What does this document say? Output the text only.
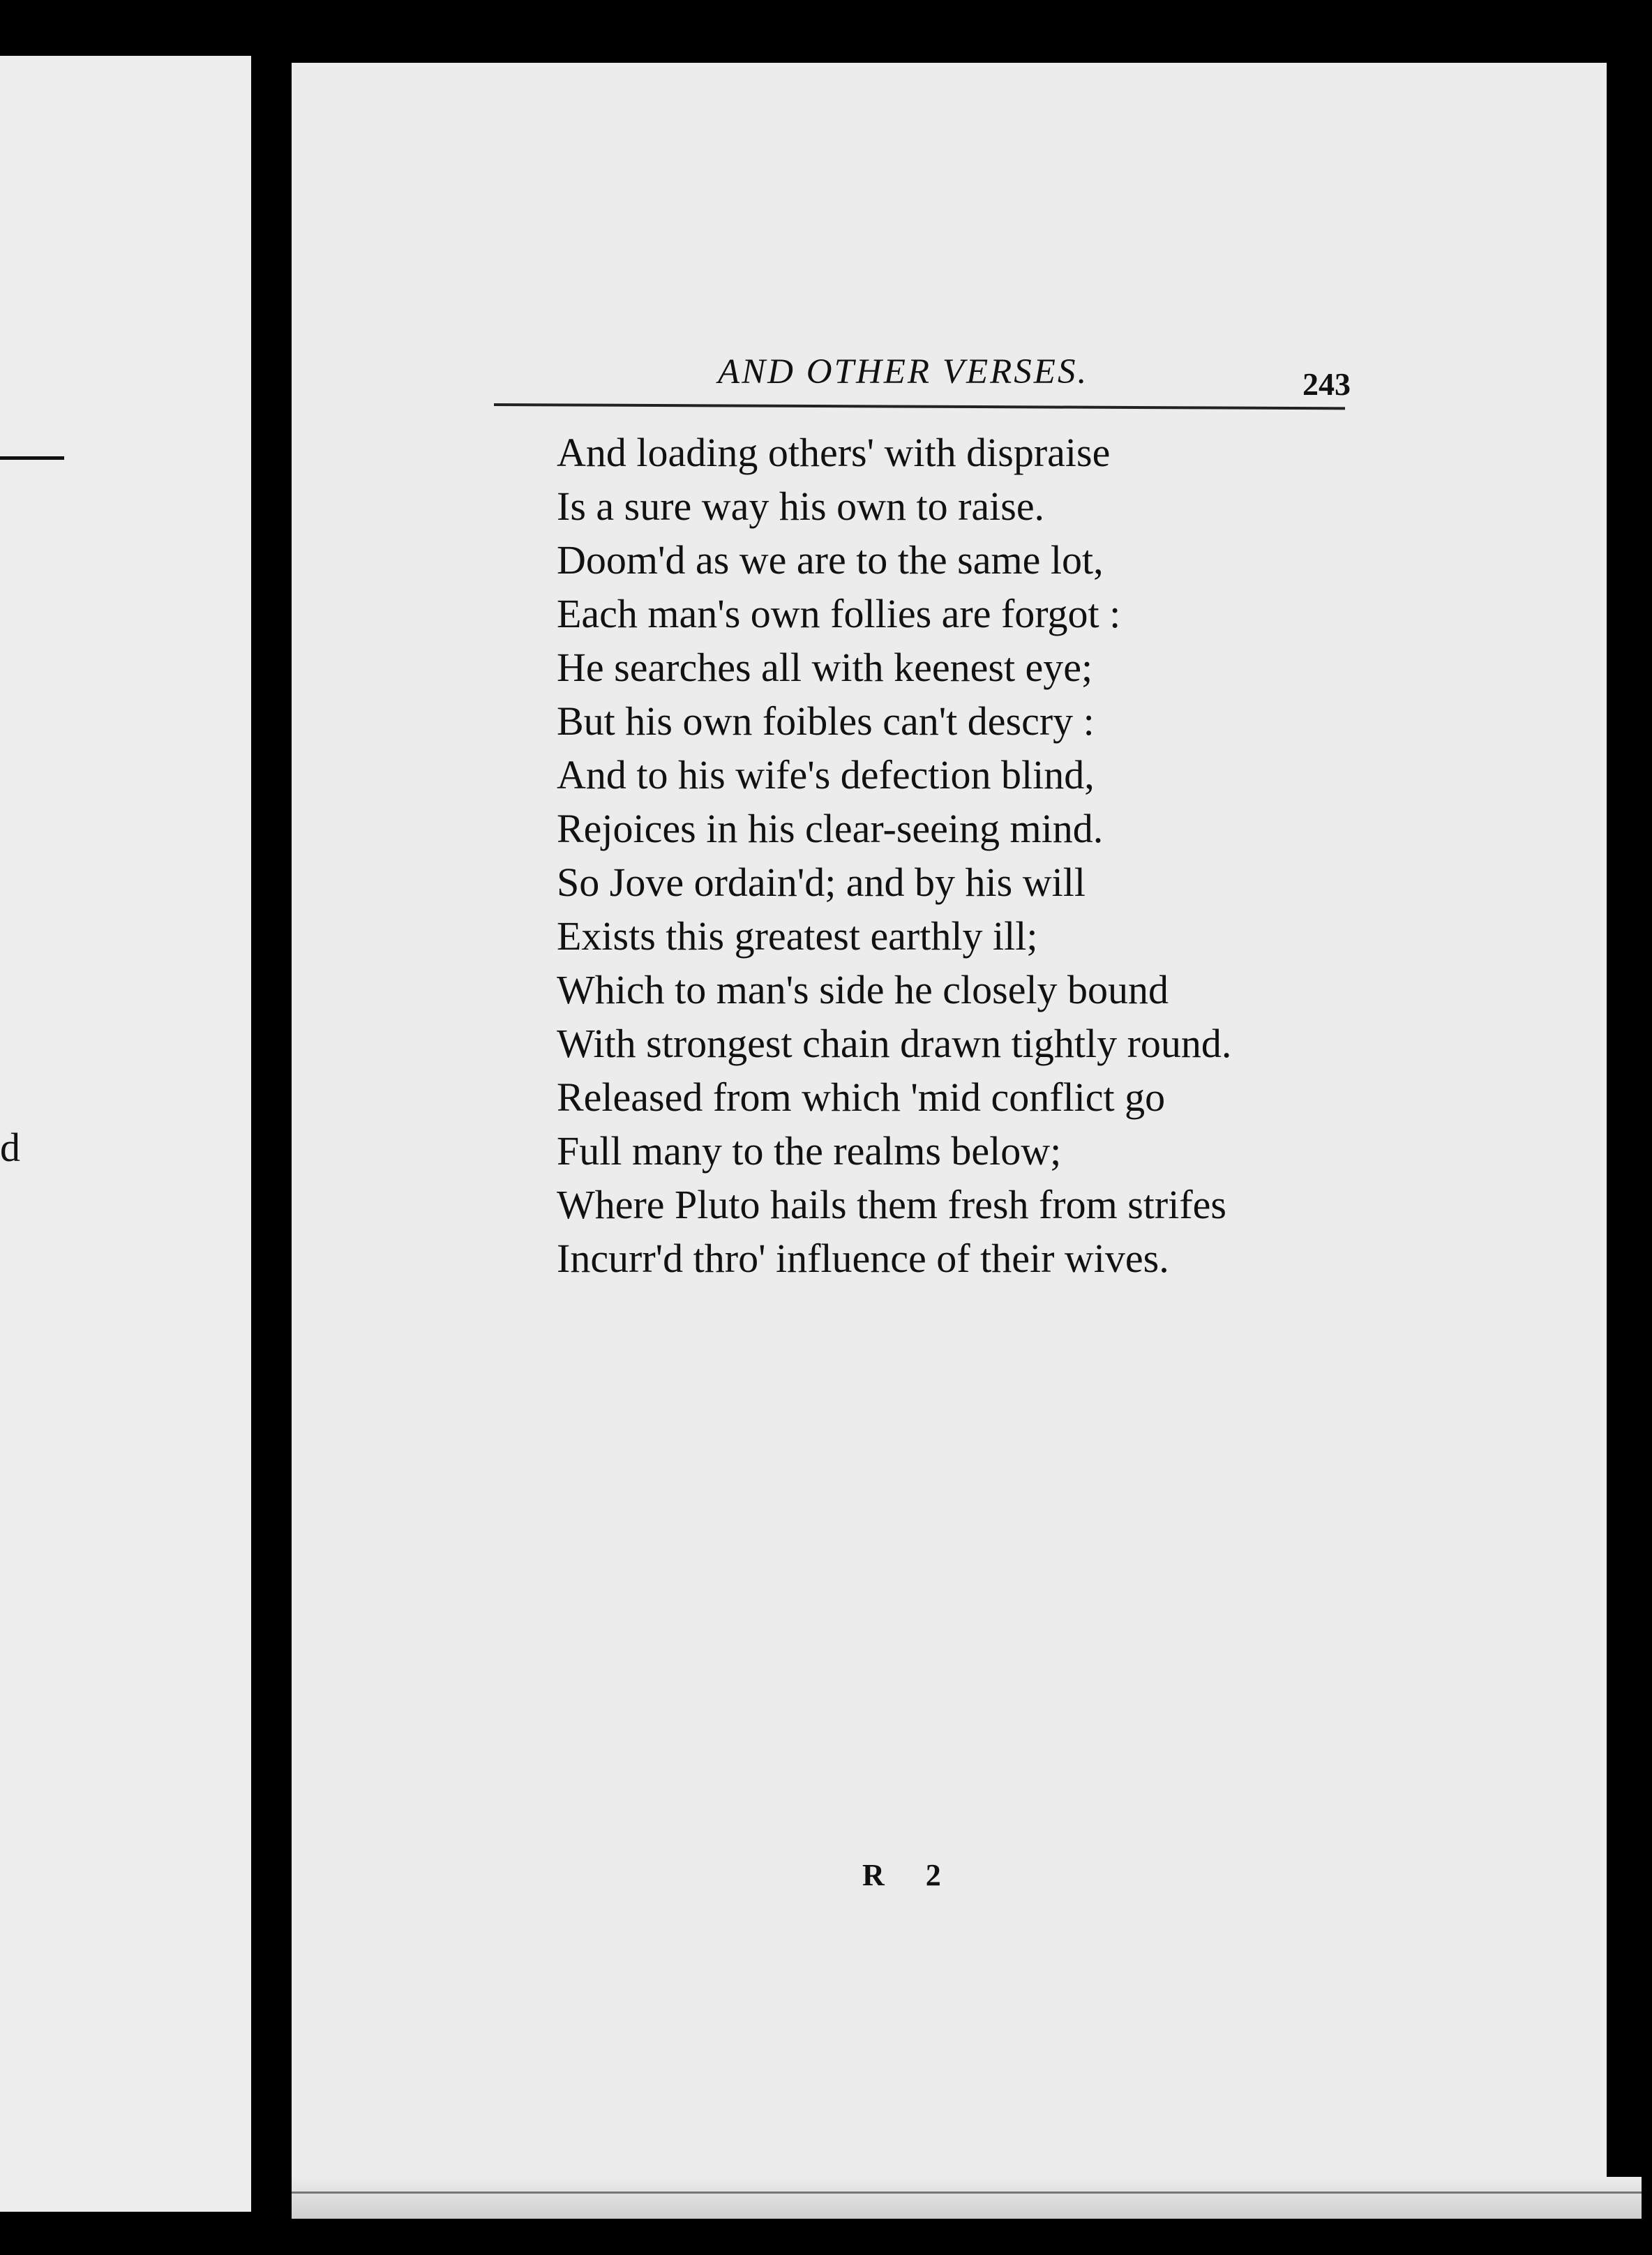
d
AND OTHER VERSES.	243
And loading others' with dispraise
Is a sure way his own to raise.
Doom'd as we are to the same lot,
Each man's own follies are forgot :
He searches all with keenest eye;
But his own foibles can't descry :
And to his wife's defection blind,
Rejoices in his clear-seeing mind.
So Jove ordain'd; and by his will
Exists this greatest earthly ill;
Which to man's side he closely bound
With strongest chain drawn tightly round.
Released from which 'mid conflict go
Full many to the realms below;
Where Pluto hails them fresh from strifes
Incurr'd thro' influence of their wives.
R 2
